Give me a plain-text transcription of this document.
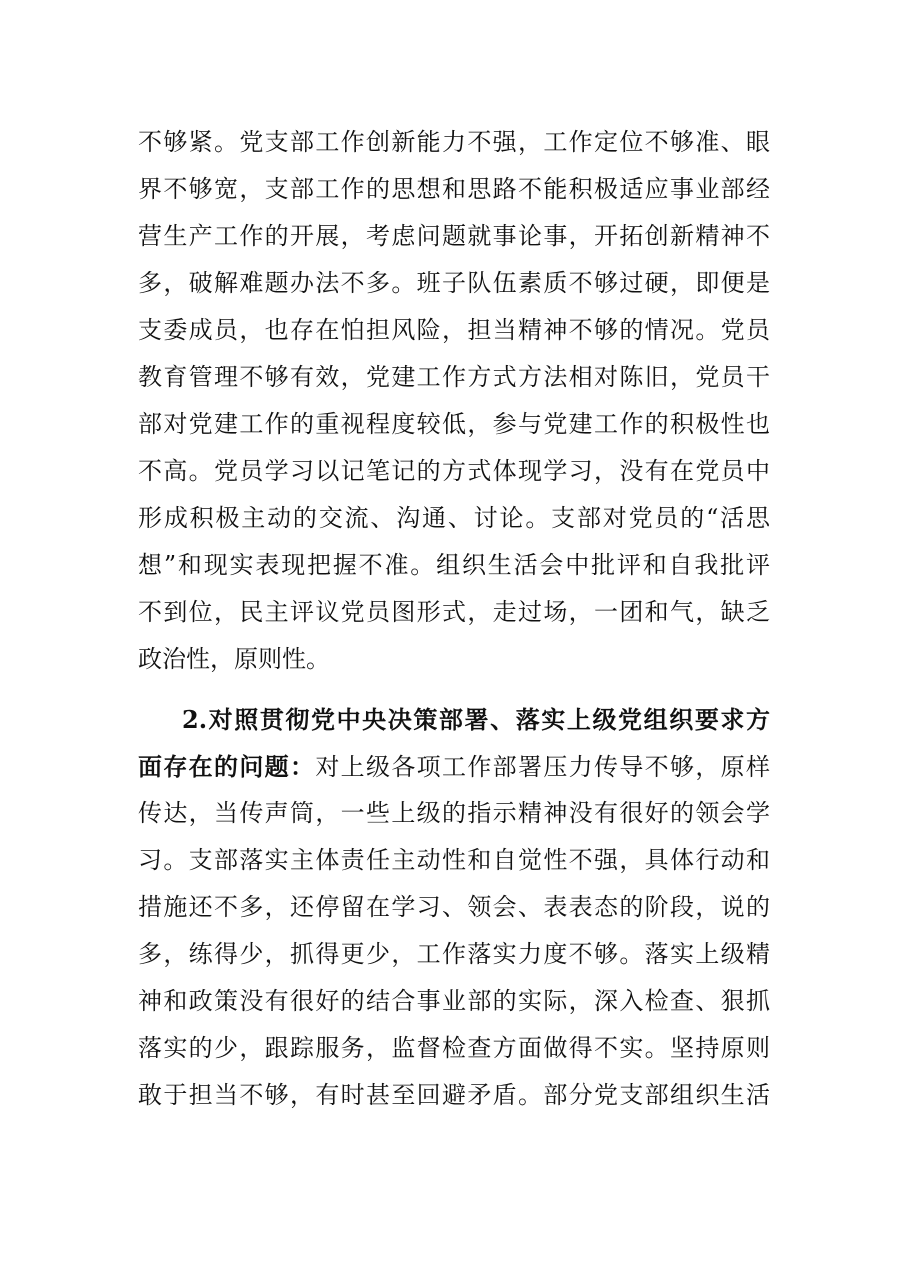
不够紧。党支部工作创新能力不强，工作定位不够准、眼
界不够宽，支部工作的思想和思路不能积极适应事业部经
营生产工作的开展，考虑问题就事论事，开拓创新精神不
多，破解难题办法不多。班子队伍素质不够过硬，即便是
支委成员，也存在怕担风险，担当精神不够的情况。党员
教育管理不够有效，党建工作方式方法相对陈旧，党员干
部对党建工作的重视程度较低，参与党建工作的积极性也
不高。党员学习以记笔记的方式体现学习，没有在党员中
形成积极主动的交流、沟通、讨论。支部对党员的“活思
想”和现实表现把握不准。组织生活会中批评和自我批评
不到位，民主评议党员图形式，走过场，一团和气，缺乏
政治性，原则性。
2.对照贯彻党中央决策部署、落实上级党组织要求方
面存在的问题：对上级各项工作部署压力传导不够，原样
传达，当传声筒，一些上级的指示精神没有很好的领会学
习。支部落实主体责任主动性和自觉性不强，具体行动和
措施还不多，还停留在学习、领会、表表态的阶段，说的
多，练得少，抓得更少，工作落实力度不够。落实上级精
神和政策没有很好的结合事业部的实际，深入检查、狠抓
落实的少，跟踪服务，监督检查方面做得不实。坚持原则
敢于担当不够，有时甚至回避矛盾。部分党支部组织生活
